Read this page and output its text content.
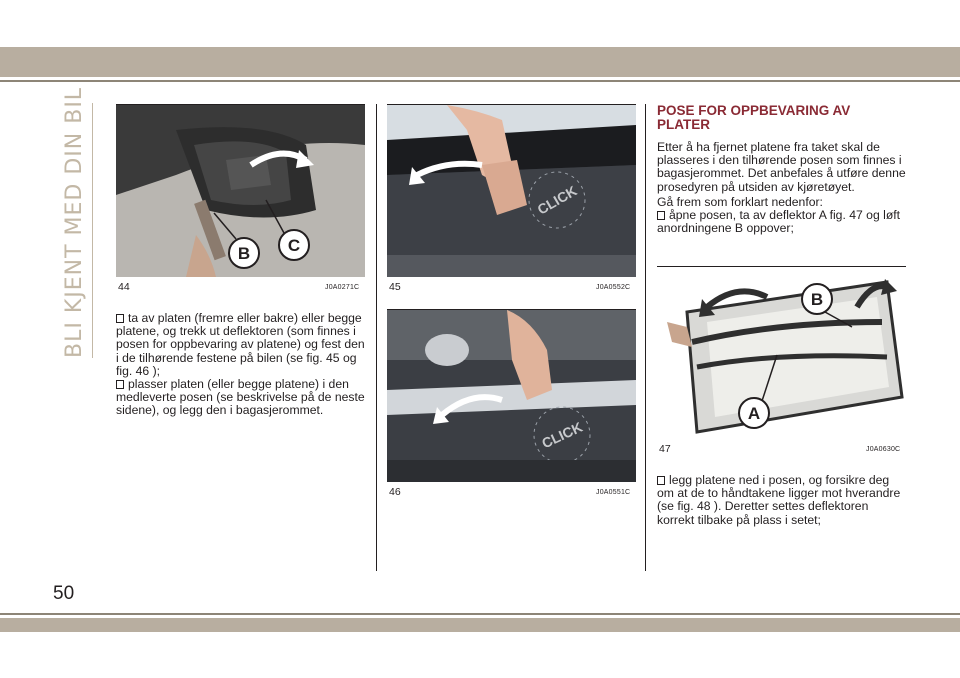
BLI KJENT MED DIN BIL	B C
44	J0A0271C
CLICK
45	J0A0552C
CLICK
46	J0A0551C
B
A
47	J0A0630C

ta av platen (fremre eller bakre) eller begge platene, og trekk ut deflektoren (som finnes i posen for oppbevaring av platene) og fest den i de tilhørende festene på bilen (se fig. 45 og fig. 46 );

plasser platen (eller begge platene) i den medleverte posen (se beskrivelse på de neste sidene), og legg den i bagasjerommet.

POSE FOR OPPBEVARING AV PLATER

Etter å ha fjernet platene fra taket skal de plasseres i den tilhørende posen som finnes i bagasjerommet. Det anbefales å utføre denne prosedyren på utsiden av kjøretøyet.

Gå frem som forklart nedenfor:

åpne posen, ta av deflektor A fig. 47 og løft anordningene B oppover;

legg platene ned i posen, og forsikre deg om at de to håndtakene ligger mot hverandre (se fig. 48 ). Deretter settes deflektoren korrekt tilbake på plass i setet;

50
